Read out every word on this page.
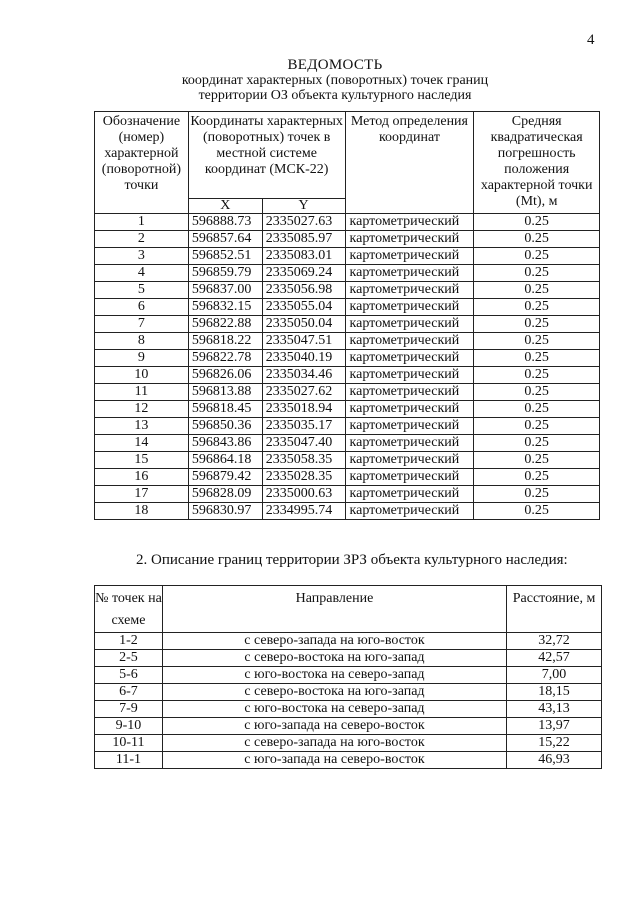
4
ВЕДОМОСТЬ
координат характерных (поворотных) точек границ
территории ОЗ объекта культурного наследия
Обозначение (номер) характерной (поворотной) точки	Координаты характерных (поворотных) точек в местной системе координат (МСК-22)		Метод определения координат	Средняя квадратическая погрешность положения характерной точки (Mt), м
	X	Y		
1	596888.73	2335027.63	картометрический	0.25
2	596857.64	2335085.97	картометрический	0.25
3	596852.51	2335083.01	картометрический	0.25
4	596859.79	2335069.24	картометрический	0.25
5	596837.00	2335056.98	картометрический	0.25
6	596832.15	2335055.04	картометрический	0.25
7	596822.88	2335050.04	картометрический	0.25
8	596818.22	2335047.51	картометрический	0.25
9	596822.78	2335040.19	картометрический	0.25
10	596826.06	2335034.46	картометрический	0.25
11	596813.88	2335027.62	картометрический	0.25
12	596818.45	2335018.94	картометрический	0.25
13	596850.36	2335035.17	картометрический	0.25
14	596843.86	2335047.40	картометрический	0.25
15	596864.18	2335058.35	картометрический	0.25
16	596879.42	2335028.35	картометрический	0.25
17	596828.09	2335000.63	картометрический	0.25
18	596830.97	2334995.74	картометрический	0.25
2. Описание границ территории ЗРЗ объекта культурного наследия:
№ точек на схеме	Направление	Расстояние, м
1-2	с северо-запада на юго-восток	32,72
2-5	с северо-востока на юго-запад	42,57
5-6	с юго-востока на северо-запад	7,00
6-7	с северо-востока на юго-запад	18,15
7-9	с юго-востока на северо-запад	43,13
9-10	с юго-запада на северо-восток	13,97
10-11	с северо-запада на юго-восток	15,22
11-1	с юго-запада на северо-восток	46,93
